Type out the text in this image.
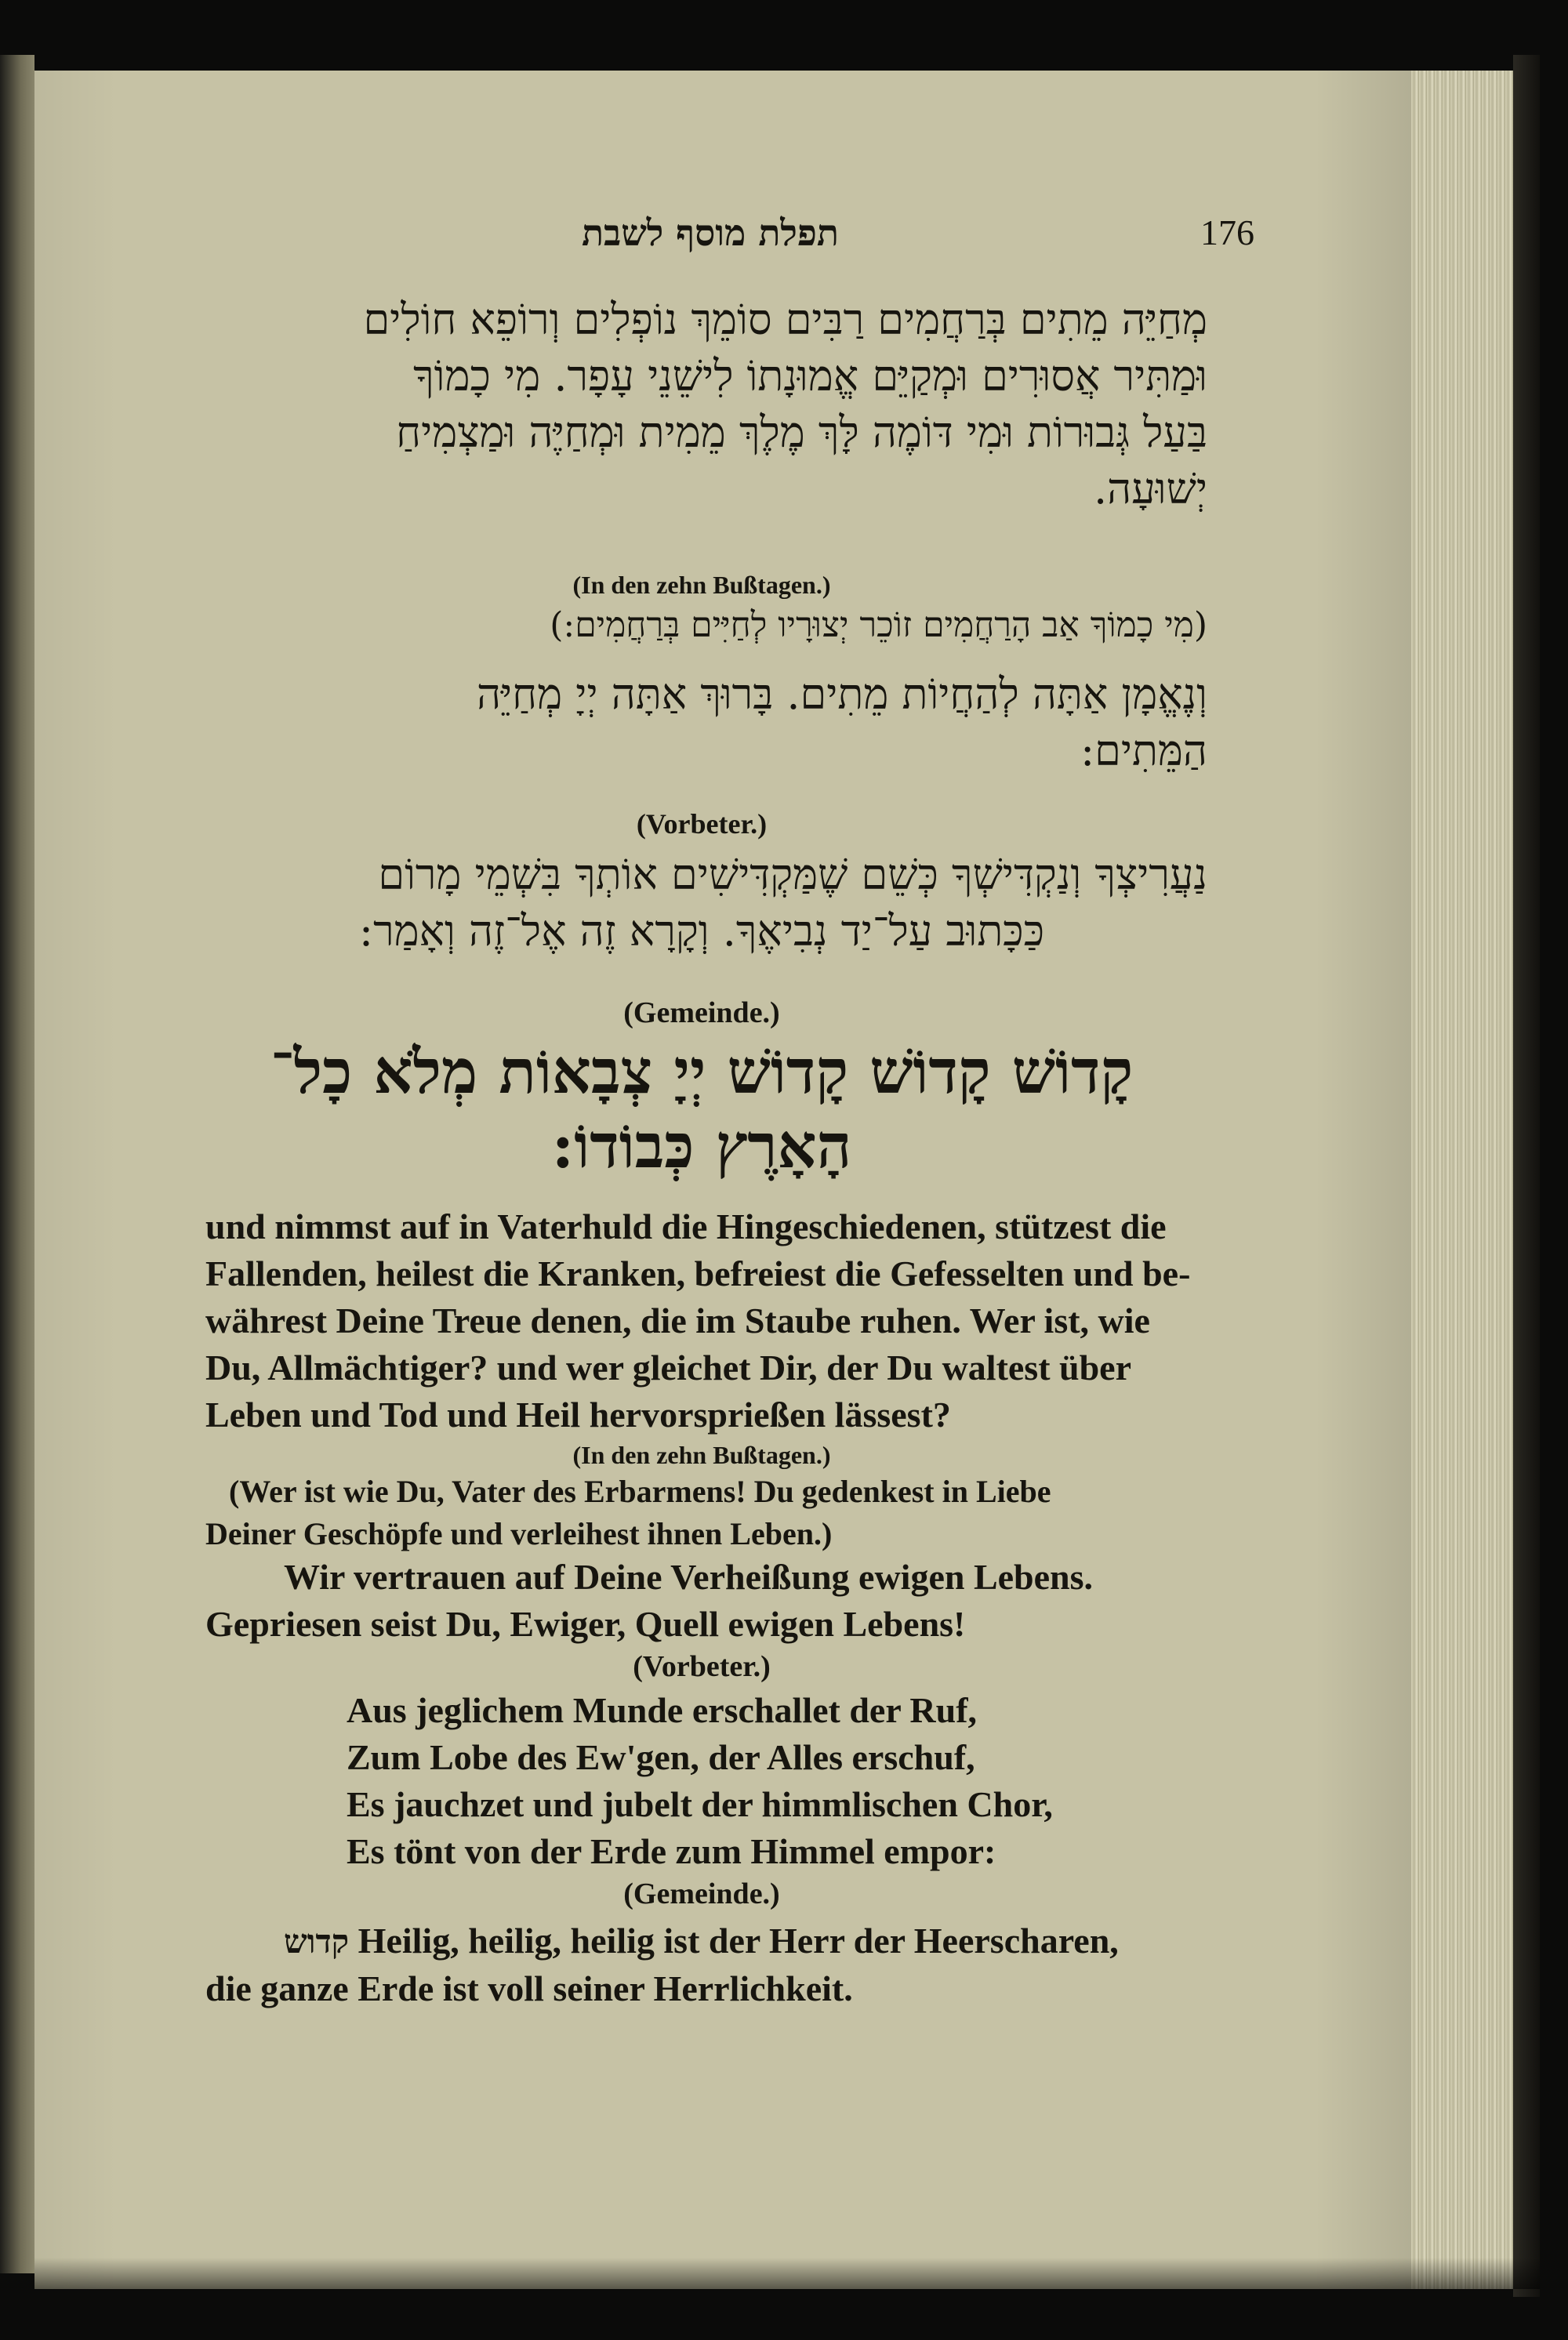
תפלת מוסף לשבת	176
מְחַיֵּה מֵתִים בְּרַחֲמִים רַבִּים סוֹמֵךְ נוֹפְלִים וְרוֹפֵא חוֹלִים
וּמַתִּיר אֲסוּרִים וּמְקַיֵּם אֱמוּנָתוֹ לִישֵׁנֵי עָפָר. מִי כָמוֹךָ
בַּעַל גְּבוּרוֹת וּמִי דּוֹמֶה לָּךְ מֶלֶךְ מֵמִית וּמְחַיֶּה וּמַצְמִיחַ
יְשׁוּעָה.
(In den zehn Bußtagen.)
(מִי כָמוֹךָ אַב הָרַחֲמִים זוֹכֵר יְצוּרָיו לְחַיִּים בְּרַחֲמִים:)
וְנֶאֱמָן אַתָּה לְהַחֲיוֹת מֵתִים. בָּרוּךְ אַתָּה יְיָ מְחַיֵּה
הַמֵּתִים:
(Vorbeter.)
נַעֲרִיצְךָ וְנַקְדִּישְׁךָ כְּשֵׁם שֶׁמַּקְדִּישִׁים אוֹתְךָ בִּשְׁמֵי מָרוֹם
כַּכָּתוּב עַל־יַד נְבִיאֶךָ. וְקָרָא זֶה אֶל־זֶה וְאָמַר:
(Gemeinde.)
קָדוֹשׁ קָדוֹשׁ קָדוֹשׁ יְיָ צְבָאוֹת מְלֹא כָל־
הָאָרֶץ כְּבוֹדוֹ:
und nimmst auf in Vaterhuld die Hingeschiedenen, stützest die
Fallenden, heilest die Kranken, befreiest die Gefesselten und be-
währest Deine Treue denen, die im Staube ruhen. Wer ist, wie
Du, Allmächtiger? und wer gleichet Dir, der Du waltest über
Leben und Tod und Heil hervorsprießen lässest?
(In den zehn Bußtagen.)
(Wer ist wie Du, Vater des Erbarmens! Du gedenkest in Liebe
Deiner Geschöpfe und verleihest ihnen Leben.)
Wir vertrauen auf Deine Verheißung ewigen Lebens.
Gepriesen seist Du, Ewiger, Quell ewigen Lebens!
(Vorbeter.)
Aus jeglichem Munde erschallet der Ruf,
Zum Lobe des Ew'gen, der Alles erschuf,
Es jauchzet und jubelt der himmlischen Chor,
Es tönt von der Erde zum Himmel empor:
(Gemeinde.)
קדוש Heilig, heilig, heilig ist der Herr der Heerscharen,
die ganze Erde ist voll seiner Herrlichkeit.
